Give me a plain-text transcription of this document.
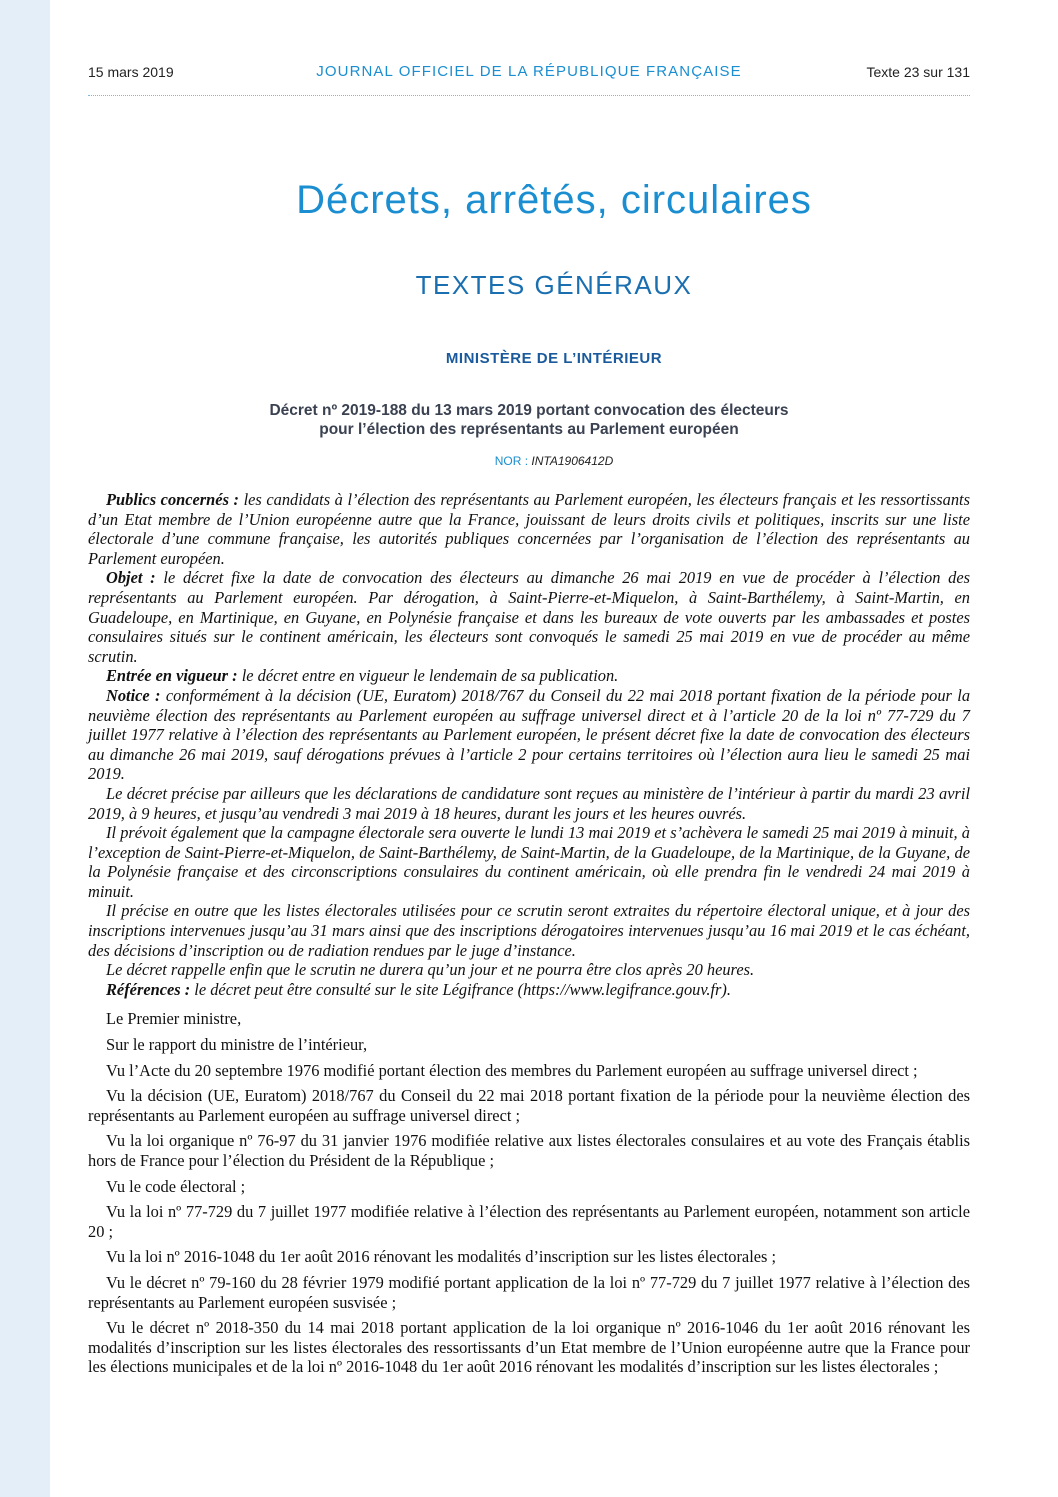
15 mars 2019	JOURNAL OFFICIEL DE LA RÉPUBLIQUE FRANÇAISE	Texte 23 sur 131
Décrets, arrêtés, circulaires
TEXTES GÉNÉRAUX
MINISTÈRE DE L’INTÉRIEUR
Décret nº 2019-188 du 13 mars 2019 portant convocation des électeurs
pour l’élection des représentants au Parlement européen
NOR : INTA1906412D

Publics concernés : les candidats à l’élection des représentants au Parlement européen, les électeurs français et les ressortissants d’un Etat membre de l’Union européenne autre que la France, jouissant de leurs droits civils et politiques, inscrits sur une liste électorale d’une commune française, les autorités publiques concernées par l’organisation de l’élection des représentants au Parlement européen.

Objet : le décret fixe la date de convocation des électeurs au dimanche 26 mai 2019 en vue de procéder à l’élection des représentants au Parlement européen. Par dérogation, à Saint-Pierre-et-Miquelon, à Saint-Barthélemy, à Saint-Martin, en Guadeloupe, en Martinique, en Guyane, en Polynésie française et dans les bureaux de vote ouverts par les ambassades et postes consulaires situés sur le continent américain, les électeurs sont convoqués le samedi 25 mai 2019 en vue de procéder au même scrutin.

Entrée en vigueur : le décret entre en vigueur le lendemain de sa publication.

Notice : conformément à la décision (UE, Euratom) 2018/767 du Conseil du 22 mai 2018 portant fixation de la période pour la neuvième élection des représentants au Parlement européen au suffrage universel direct et à l’article 20 de la loi nº 77-729 du 7 juillet 1977 relative à l’élection des représentants au Parlement européen, le présent décret fixe la date de convocation des électeurs au dimanche 26 mai 2019, sauf dérogations prévues à l’article 2 pour certains territoires où l’élection aura lieu le samedi 25 mai 2019.

Le décret précise par ailleurs que les déclarations de candidature sont reçues au ministère de l’intérieur à partir du mardi 23 avril 2019, à 9 heures, et jusqu’au vendredi 3 mai 2019 à 18 heures, durant les jours et les heures ouvrés.

Il prévoit également que la campagne électorale sera ouverte le lundi 13 mai 2019 et s’achèvera le samedi 25 mai 2019 à minuit, à l’exception de Saint-Pierre-et-Miquelon, de Saint-Barthélemy, de Saint-Martin, de la Guadeloupe, de la Martinique, de la Guyane, de la Polynésie française et des circonscriptions consulaires du continent américain, où elle prendra fin le vendredi 24 mai 2019 à minuit.

Il précise en outre que les listes électorales utilisées pour ce scrutin seront extraites du répertoire électoral unique, et à jour des inscriptions intervenues jusqu’au 31 mars ainsi que des inscriptions dérogatoires intervenues jusqu’au 16 mai 2019 et le cas échéant, des décisions d’inscription ou de radiation rendues par le juge d’instance.

Le décret rappelle enfin que le scrutin ne durera qu’un jour et ne pourra être clos après 20 heures.

Références : le décret peut être consulté sur le site Légifrance (https://www.legifrance.gouv.fr).

Le Premier ministre,

Sur le rapport du ministre de l’intérieur,

Vu l’Acte du 20 septembre 1976 modifié portant élection des membres du Parlement européen au suffrage universel direct ;

Vu la décision (UE, Euratom) 2018/767 du Conseil du 22 mai 2018 portant fixation de la période pour la neuvième élection des représentants au Parlement européen au suffrage universel direct ;

Vu la loi organique nº 76-97 du 31 janvier 1976 modifiée relative aux listes électorales consulaires et au vote des Français établis hors de France pour l’élection du Président de la République ;

Vu le code électoral ;

Vu la loi nº 77-729 du 7 juillet 1977 modifiée relative à l’élection des représentants au Parlement européen, notamment son article 20 ;

Vu la loi nº 2016-1048 du 1er août 2016 rénovant les modalités d’inscription sur les listes électorales ;

Vu le décret nº 79-160 du 28 février 1979 modifié portant application de la loi nº 77-729 du 7 juillet 1977 relative à l’élection des représentants au Parlement européen susvisée ;

Vu le décret nº 2018-350 du 14 mai 2018 portant application de la loi organique nº 2016-1046 du 1er août 2016 rénovant les modalités d’inscription sur les listes électorales des ressortissants d’un Etat membre de l’Union européenne autre que la France pour les élections municipales et de la loi nº 2016-1048 du 1er août 2016 rénovant les modalités d’inscription sur les listes électorales ;
